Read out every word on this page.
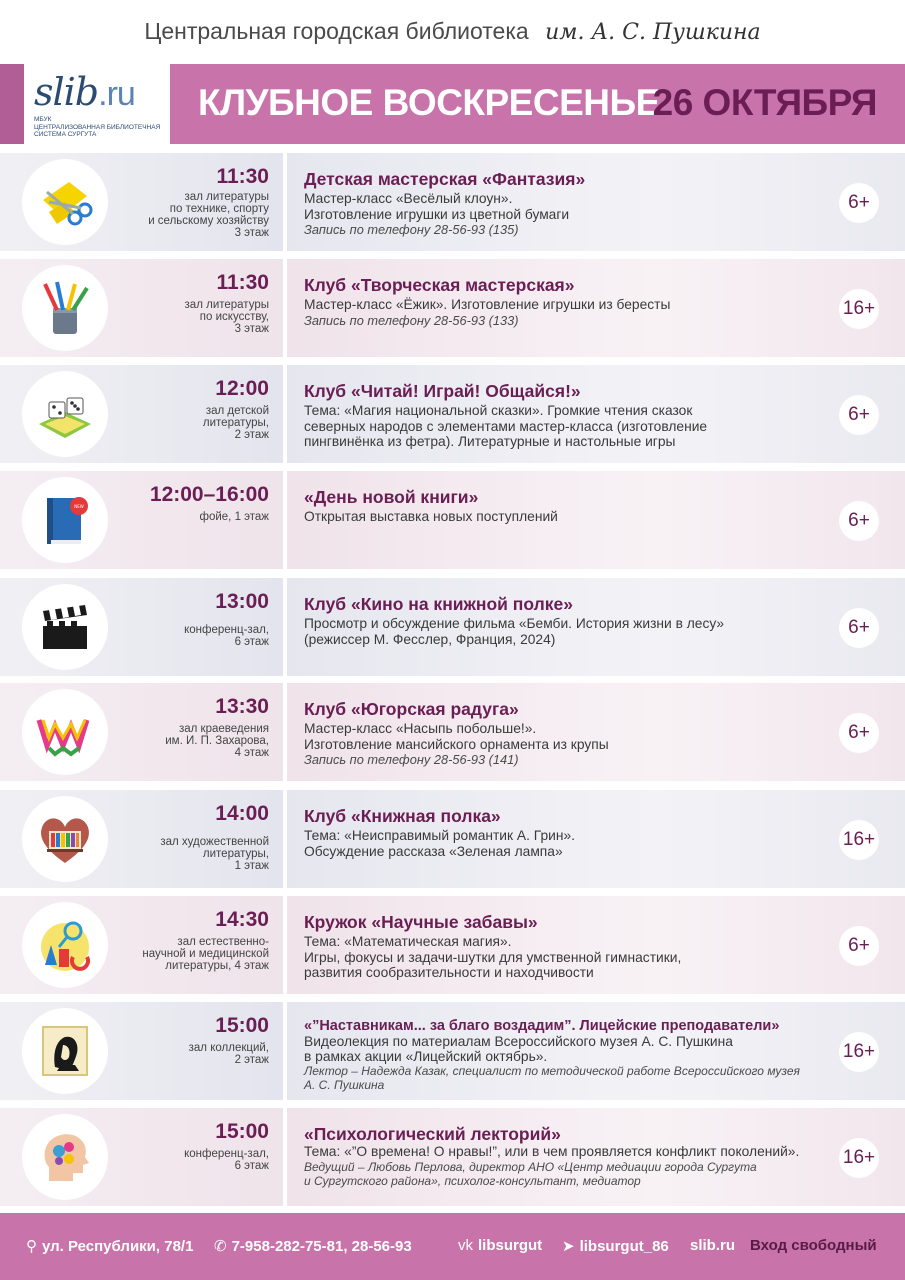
Центральная городская библиотека им. А. С. Пушкина
slib.ru
МБУК
ЦЕНТРАЛИЗОВАННАЯ БИБЛИОТЕЧНАЯ
СИСТЕМА СУРГУТА
КЛУБНОЕ ВОСКРЕСЕНЬЕ
26 ОКТЯБРЯ
11:30
зал литературы
по технике, спорту
и сельскому хозяйству
3 этаж
Детская мастерская «Фантазия»
Мастер-класс «Весёлый клоун».
Изготовление игрушки из цветной бумаги
Запись по телефону 28-56-93 (135)
6+
11:30
зал литературы
по искусству,
3 этаж
Клуб «Творческая мастерская»
Мастер-класс «Ёжик». Изготовление игрушки из бересты
Запись по телефону 28-56-93 (133)
16+
12:00
зал детской
литературы,
2 этаж
Клуб «Читай! Играй! Общайся!»
Тема: «Магия национальной сказки». Громкие чтения сказок
северных народов с элементами мастер-класса (изготовление
пингвинёнка из фетра). Литературные и настольные игры
6+
NEW
12:00–16:00
фойе, 1 этаж
«День новой книги»
Открытая выставка новых поступлений	6+
13:00
конференц-зал,
6 этаж
Клуб «Кино на книжной полке»
Просмотр и обсуждение фильма «Бемби. История жизни в лесу»
(режиссер М. Фесслер, Франция, 2024)
6+
13:30
зал краеведения
им. И. П. Захарова,
4 этаж
Клуб «Югорская радуга»
Мастер-класс «Насыпь побольше!».
Изготовление мансийского орнамента из крупы
Запись по телефону 28-56-93 (141)
6+
14:00
зал художественной
литературы,
1 этаж
Клуб «Книжная полка»
Тема: «Неисправимый романтик А. Грин».
Обсуждение рассказа «Зеленая лампа»
16+
14:30
зал естественно-
научной и медицинской
литературы, 4 этаж
Кружок «Научные забавы»
Тема: «Математическая магия».
Игры, фокусы и задачи-шутки для умственной гимнастики,
развития сообразительности и находчивости
6+
15:00
зал коллекций,
2 этаж
«”Наставникам... за благо воздадим”. Лицейские преподаватели»
Видеолекция по материалам Всероссийского музея А. С. Пушкина
в рамках акции «Лицейский октябрь».
Лектор – Надежда Казак, специалист по методической работе Всероссийского музея
А. С. Пушкина
16+
15:00
конференц-зал,
6 этаж
«Психологический лекторий»
Тема: «”О времена! О нравы!”, или в чем проявляется конфликт поколений».
Ведущий – Любовь Перлова, директор АНО «Центр медиации города Сургута
и Сургутского района», психолог-консультант, медиатор
16+
⚲ ул. Республики, 78/1 ✆ 7-958-282-75-81, 28-56-93	vk libsurgut ➤ libsurgut_86 slib.ru Вход свободный
